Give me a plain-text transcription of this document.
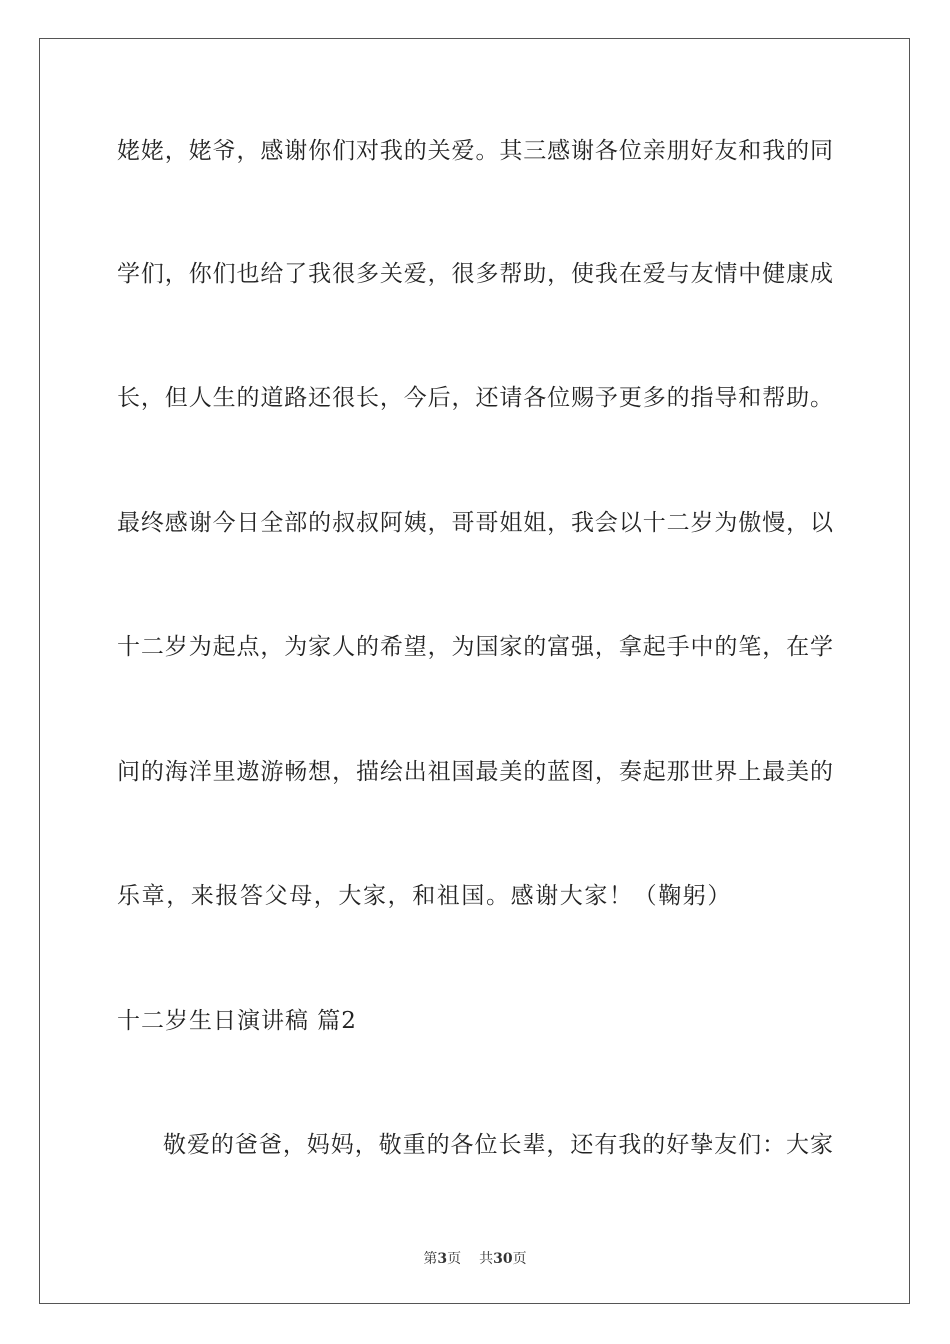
姥姥，姥爷，感谢你们对我的关爱。其三感谢各位亲朋好友和我的同
学们，你们也给了我很多关爱，很多帮助，使我在爱与友情中健康成
长，但人生的道路还很长，今后，还请各位赐予更多的指导和帮助。
最终感谢今日全部的叔叔阿姨，哥哥姐姐，我会以十二岁为傲慢，以
十二岁为起点，为家人的希望，为国家的富强，拿起手中的笔，在学
问的海洋里遨游畅想，描绘出祖国最美的蓝图，奏起那世界上最美的
乐章，来报答父母，大家，和祖国。感谢大家！（鞠躬）
十二岁生日演讲稿 篇2
敬爱的爸爸，妈妈，敬重的各位长辈，还有我的好挚友们：大家
第3页 共30页
